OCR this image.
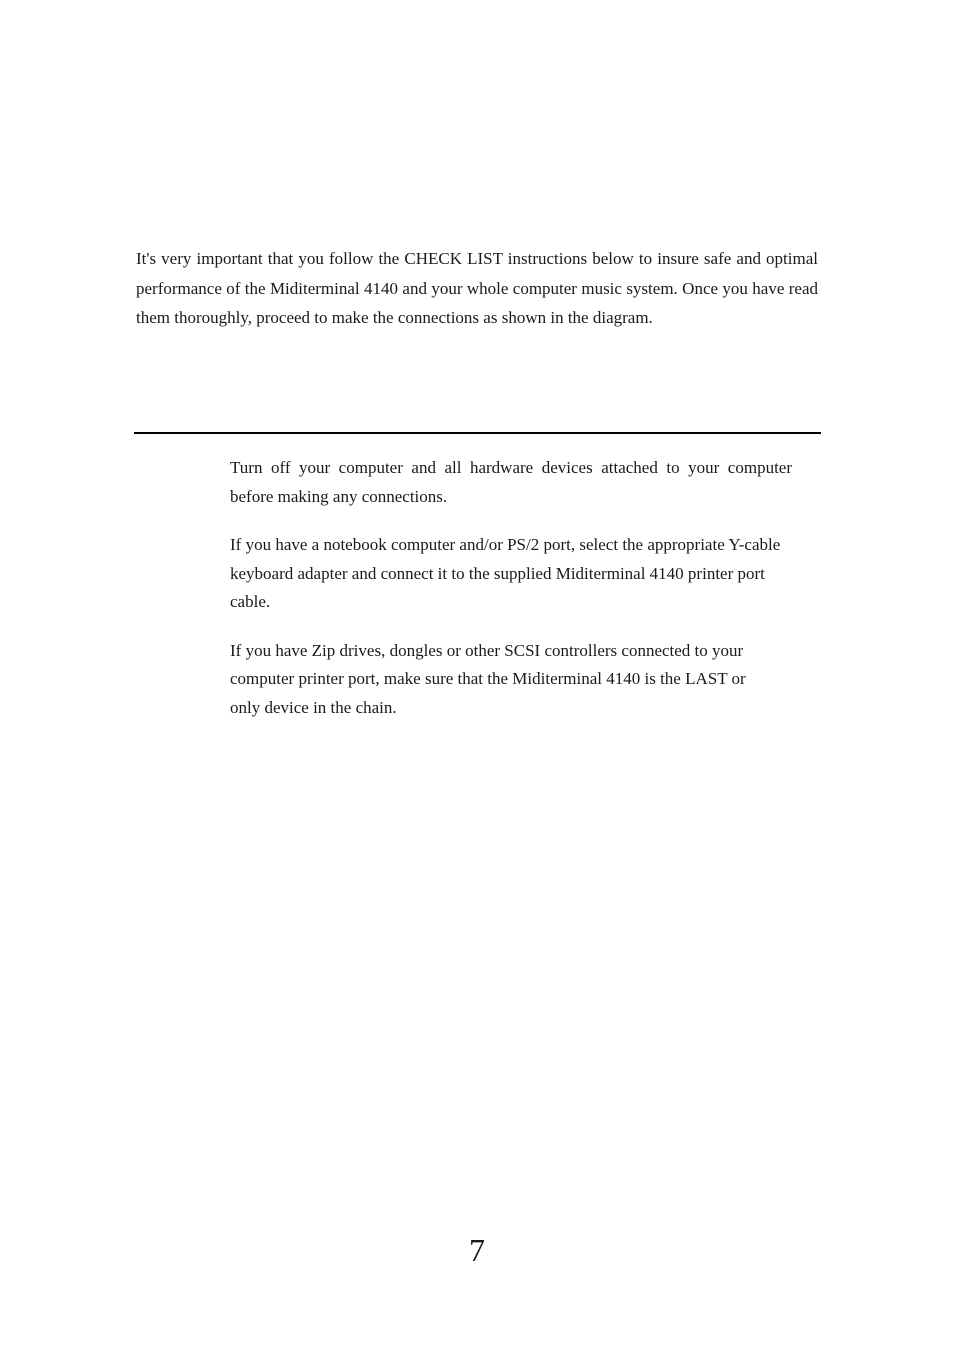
It's very important that you follow the CHECK LIST instructions below to insure safe and optimal performance of the Miditerminal 4140 and your whole computer music system. Once you have read them thoroughly, proceed to make the connections as shown in the diagram.

Turn off your computer and all hardware devices attached to your computer before making any connections.
If you have a notebook computer and/or PS/2 port, select the appropriate Y-cable keyboard adapter and connect it to the supplied Miditerminal 4140 printer port cable.
If you have Zip drives, dongles or other SCSI controllers connected to your computer printer port, make sure that the Miditerminal 4140 is the LAST or only device in the chain.
7
